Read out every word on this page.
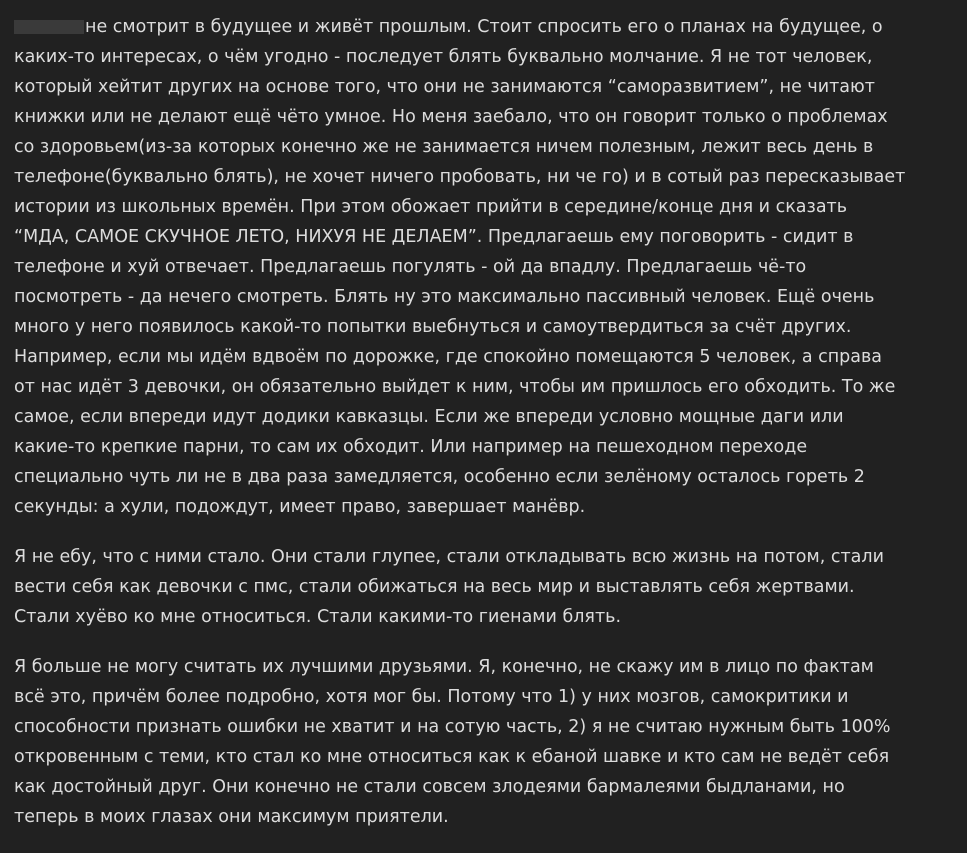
не смотрит в будущее и живёт прошлым. Стоит спросить его о планах на будущее, о
каких-то интересах, о чём угодно - последует блять буквально молчание. Я не тот человек,
который хейтит других на основе того, что они не занимаются “саморазвитием”, не читают
книжки или не делают ещё чёто умное. Но меня заебало, что он говорит только о проблемах
со здоровьем(из-за которых конечно же не занимается ничем полезным, лежит весь день в
телефоне(буквально блять), не хочет ничего пробовать, ни че го) и в сотый раз пересказывает
истории из школьных времён. При этом обожает прийти в середине/конце дня и сказать
“МДА, САМОЕ СКУЧНОЕ ЛЕТО, НИХУЯ НЕ ДЕЛАЕМ”. Предлагаешь ему поговорить - сидит в
телефоне и хуй отвечает. Предлагаешь погулять - ой да впадлу. Предлагаешь чё-то
посмотреть - да нечего смотреть. Блять ну это максимально пассивный человек. Ещё очень
много у него появилось какой-то попытки выебнуться и самоутвердиться за счёт других.
Например, если мы идём вдвоём по дорожке, где спокойно помещаются 5 человек, а справа
от нас идёт 3 девочки, он обязательно выйдет к ним, чтобы им пришлось его обходить. То же
самое, если впереди идут додики кавказцы. Если же впереди условно мощные даги или
какие-то крепкие парни, то сам их обходит. Или например на пешеходном переходе
специально чуть ли не в два раза замедляется, особенно если зелёному осталось гореть 2
секунды: а хули, подождут, имеет право, завершает манёвр.
Я не ебу, что с ними стало. Они стали глупее, стали откладывать всю жизнь на потом, стали
вести себя как девочки с пмс, стали обижаться на весь мир и выставлять себя жертвами.
Стали хуёво ко мне относиться. Стали какими-то гиенами блять.
Я больше не могу считать их лучшими друзьями. Я, конечно, не скажу им в лицо по фактам
всё это, причём более подробно, хотя мог бы. Потому что 1) у них мозгов, самокритики и
способности признать ошибки не хватит и на сотую часть, 2) я не считаю нужным быть 100%
откровенным с теми, кто стал ко мне относиться как к ебаной шавке и кто сам не ведёт себя
как достойный друг. Они конечно не стали совсем злодеями бармалеями быдланами, но
теперь в моих глазах они максимум приятели.
